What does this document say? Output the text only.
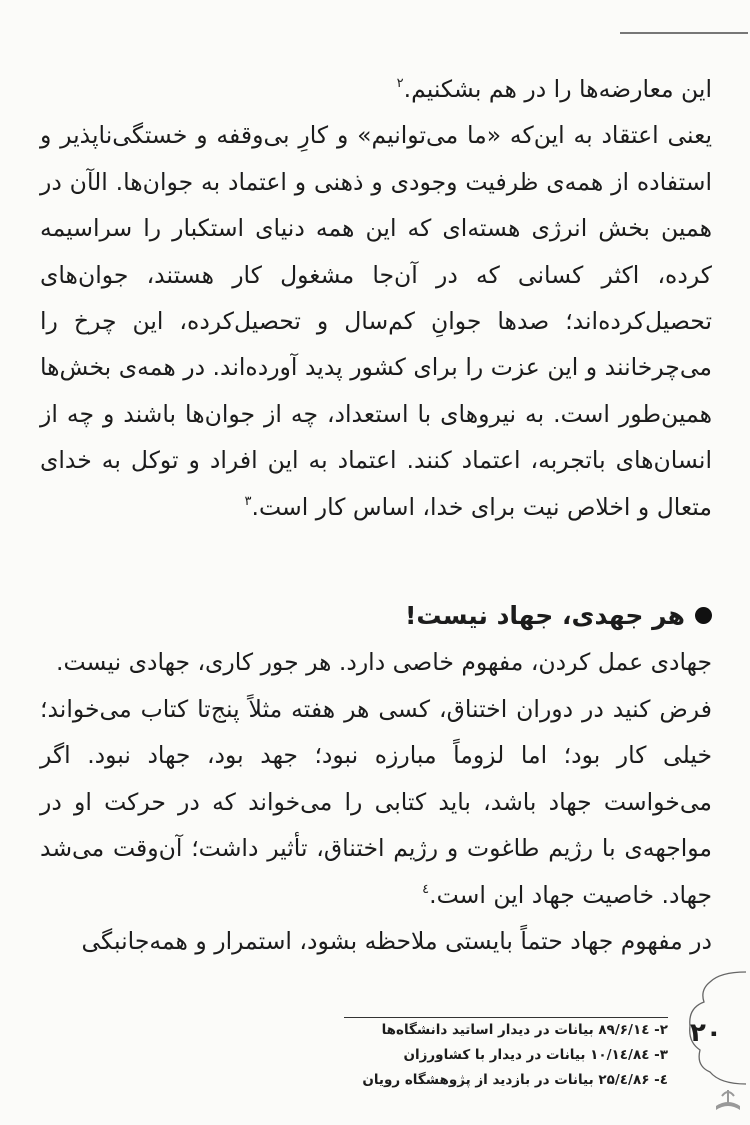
این معارضه‌ها را در هم بشکنیم.$^۲$

یعنی اعتقاد به این‌که «ما می‌توانیم» و کارِ بی‌وقفه و خستگی‌ناپذیر و استفاده از همه‌ی ظرفیت وجودی و ذهنی و اعتماد به جوان‌ها. الآن در همین بخش انرژی هسته‌ای که این همه دنیای استکبار را سراسیمه کرده، اکثر کسانی که در آن‌جا مشغول کار هستند، جوان‌های تحصیل‌کرده‌اند؛ صدها جوانِ کم‌سال و تحصیل‌کرده، این چرخ را می‌چرخانند و این عزت را برای کشور پدید آورده‌اند. در همه‌ی بخش‌ها همین‌طور است. به نیروهای با استعداد، چه از جوان‌ها باشند و چه از انسان‌های باتجربه، اعتماد کنند. اعتماد به این افراد و توکل به خدای متعال و اخلاص نیت برای خدا، اساس کار است.$^۳$

هر جهدی، جهاد نیست!

جهادی عمل کردن، مفهوم خاصی دارد. هر جور کاری، جهادی نیست.

فرض کنید در دوران اختناق، کسی هر هفته مثلاً پنج‌تا کتاب می‌خواند؛ خیلی کار بود؛ اما لزوماً مبارزه نبود؛ جهد بود، جهاد نبود. اگر می‌خواست جهاد باشد، باید کتابی را می‌خواند که در حرکت او در مواجهه‌ی با رژیم طاغوت و رژیم اختناق، تأثیر داشت؛ آن‌وقت می‌شد جهاد. خاصیت جهاد این است.$^٤$

در مفهوم جهاد حتماً بایستی ملاحظه بشود، استمرار و همه‌جانبگی

۲- ۸۹/۶/۱٤ بیانات در دیدار اساتید دانشگاه‌ها

۳- ۸٤/۱۰/۱٤ بیانات در دیدار با کشاورزان

٤- ۸۶/٤/۲۵ بیانات در بازدید از پژوهشگاه رویان

۲۰
